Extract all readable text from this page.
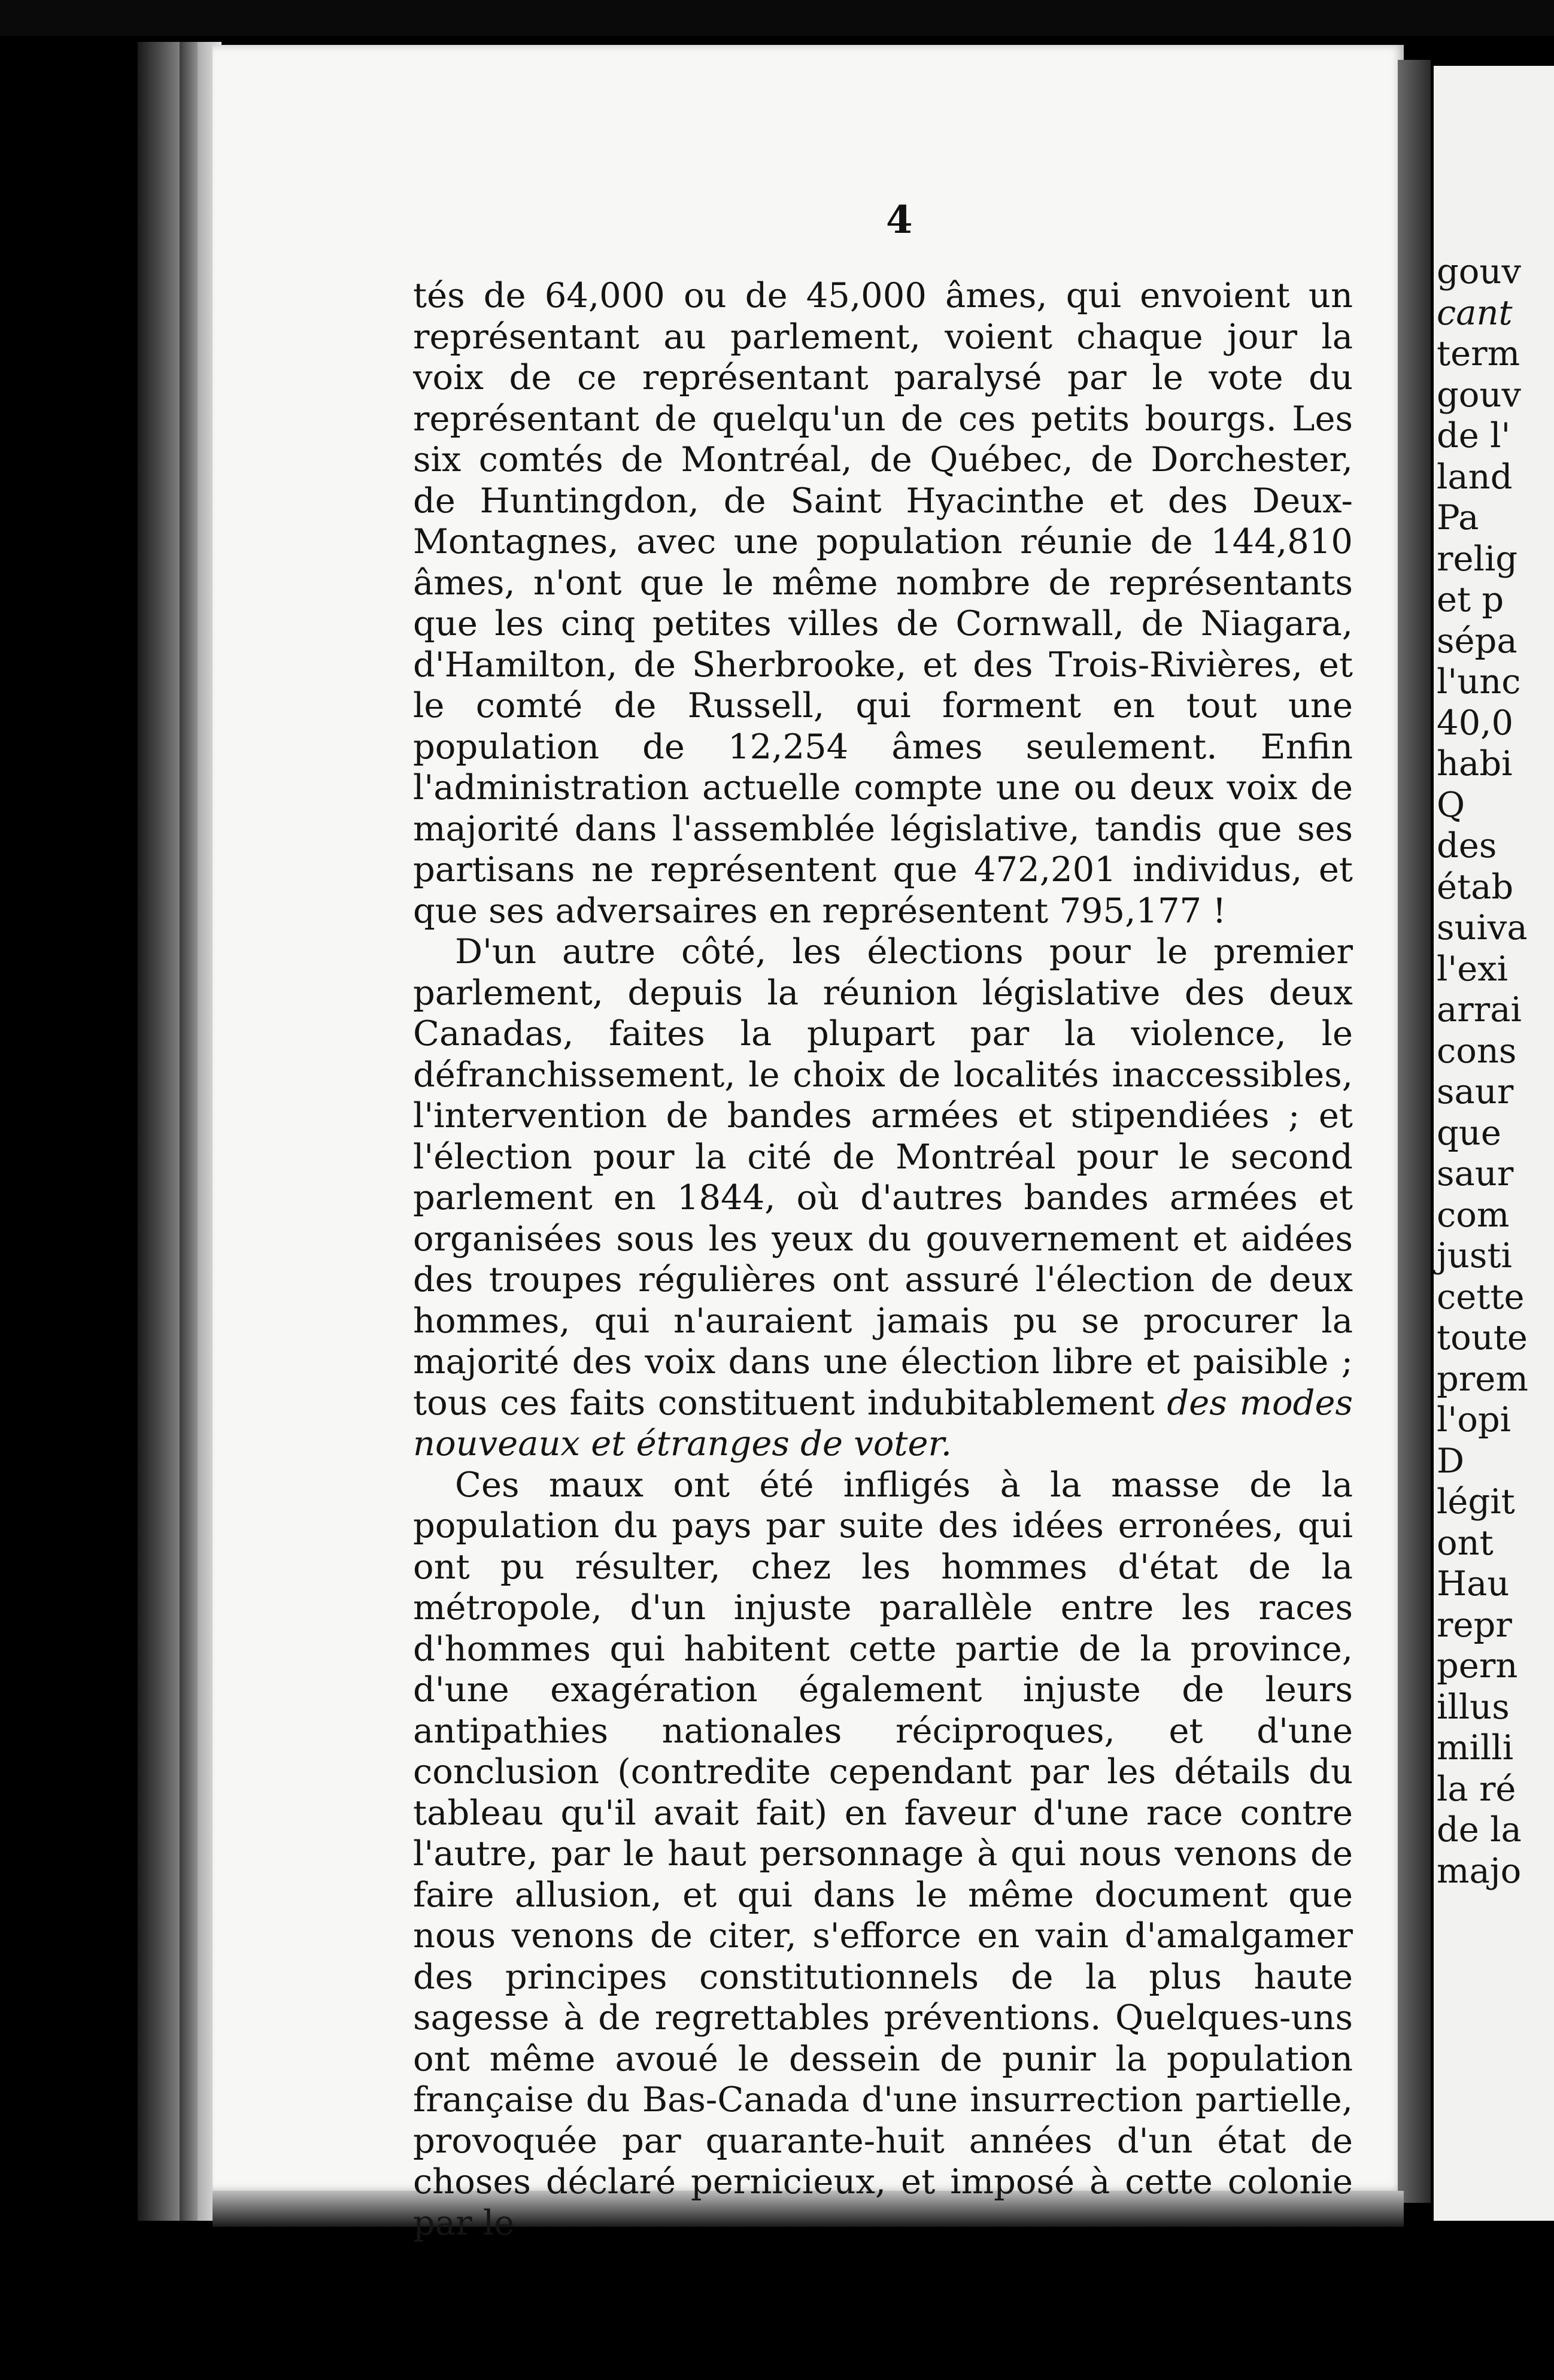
4

tés de 64,000 ou de 45,000 âmes, qui envoient un représentant au parlement, voient chaque jour la voix de ce représentant paralysé par le vote du représentant de quelqu'un de ces petits bourgs. Les six comtés de Montréal, de Québec, de Dorchester, de Huntingdon, de Saint Hyacinthe et des Deux-Montagnes, avec une population réunie de 144,810 âmes, n'ont que le même nombre de représentants que les cinq petites villes de Cornwall, de Niagara, d'Hamilton, de Sherbrooke, et des Trois-Rivières, et le comté de Russell, qui forment en tout une population de 12,254 âmes seulement. Enfin l'administration actuelle compte une ou deux voix de majorité dans l'assemblée législative, tandis que ses partisans ne représentent que 472,201 individus, et que ses adversaires en représentent 795,177 !

D'un autre côté, les élections pour le premier parlement, depuis la réunion législative des deux Canadas, faites la plupart par la violence, le défranchissement, le choix de localités inaccessibles, l'intervention de bandes armées et stipendiées ; et l'élection pour la cité de Montréal pour le second parlement en 1844, où d'autres bandes armées et organisées sous les yeux du gouvernement et aidées des troupes régulières ont assuré l'élection de deux hommes, qui n'auraient jamais pu se procurer la majorité des voix dans une élection libre et paisible ; tous ces faits constituent indubitablement des modes nouveaux et étranges de voter.

Ces maux ont été infligés à la masse de la population du pays par suite des idées erronées, qui ont pu résulter, chez les hommes d'état de la métropole, d'un injuste parallèle entre les races d'hommes qui habitent cette partie de la province, d'une exagération également injuste de leurs antipathies nationales réciproques, et d'une conclusion (contredite cependant par les détails du tableau qu'il avait fait) en faveur d'une race contre l'autre, par le haut personnage à qui nous venons de faire allusion, et qui dans le même document que nous venons de citer, s'efforce en vain d'amalgamer des principes constitutionnels de la plus haute sagesse à de regrettables préventions. Quelques-uns ont même avoué le dessein de punir la population française du Bas-Canada d'une insurrection partielle, provoquée par quarante-huit années d'un état de choses déclaré pernicieux, et imposé à cette colonie par le

gouv
cant
term
gouv
de l'
land
Pa
relig
et p
sépa
l'unc
40,0
habi
Q
des
étab
suiva
l'exi
arrai
cons
saur
que
saur
com
justi
cette
toute
prem
l'opi
D
légit
ont
Hau
repr
pern
illus
milli
la ré
de la
majo
